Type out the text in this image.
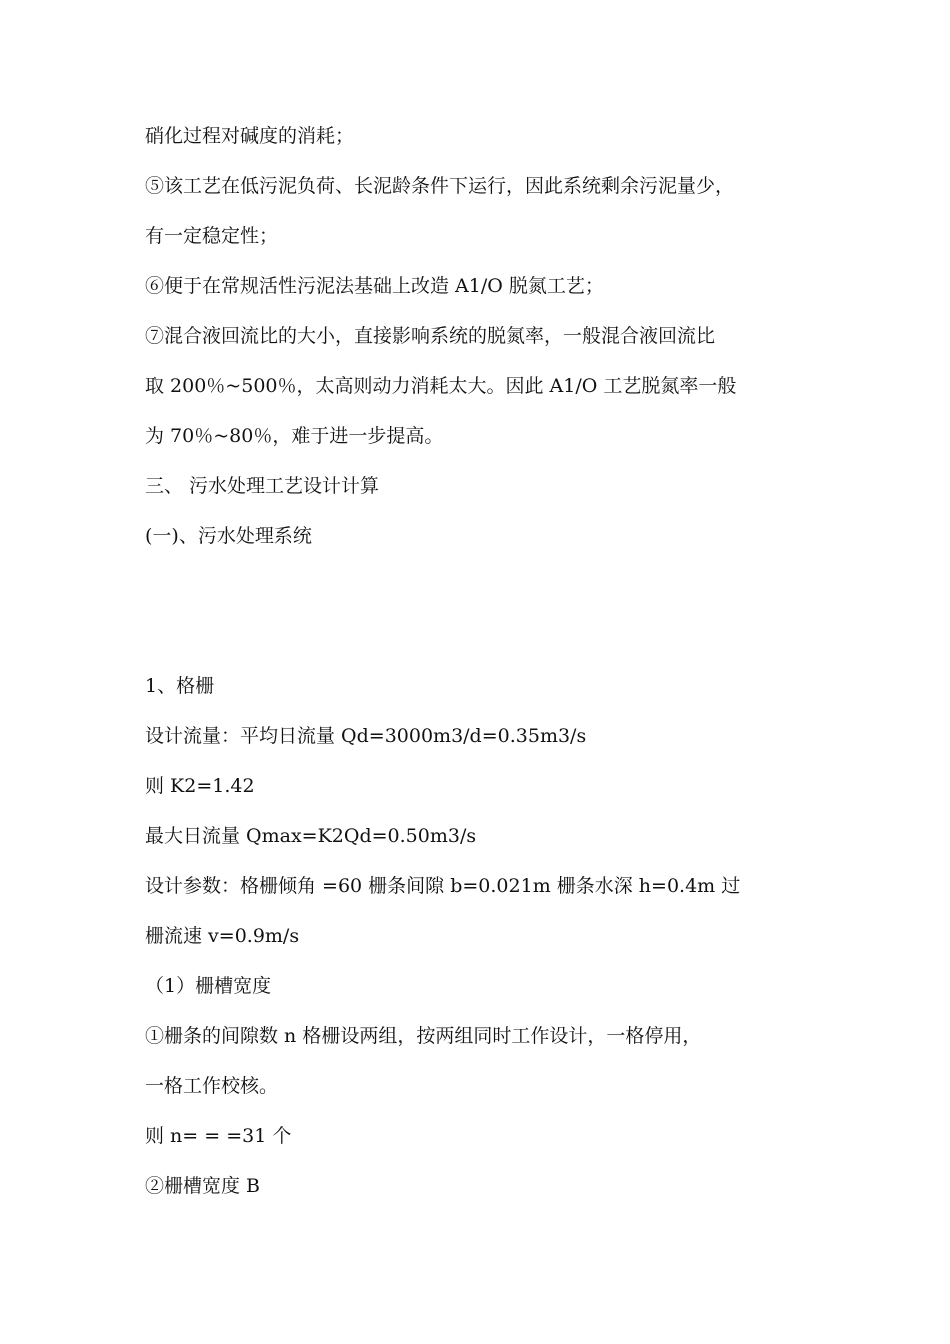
硝化过程对碱度的消耗；
⑤该工艺在低污泥负荷、长泥龄条件下运行，因此系统剩余污泥量少，
有一定稳定性；
⑥便于在常规活性污泥法基础上改造 A1/O 脱氮工艺；
⑦混合液回流比的大小，直接影响系统的脱氮率，一般混合液回流比
取 200％~500％，太高则动力消耗太大。因此 A1/O 工艺脱氮率一般
为 70％~80％，难于进一步提高。
三、 污水处理工艺设计计算
(一)、污水处理系统
1、格栅
设计流量：平均日流量 Qd=3000m3/d=0.35m3/s
则 K2=1.42
最大日流量 Qmax=K2Qd=0.50m3/s
设计参数：格栅倾角 =60 栅条间隙 b=0.021m 栅条水深 h=0.4m 过
栅流速 v=0.9m/s
（1）栅槽宽度
①栅条的间隙数 n 格栅设两组，按两组同时工作设计，一格停用，
一格工作校核。
则 n= = =31 个
②栅槽宽度 B
